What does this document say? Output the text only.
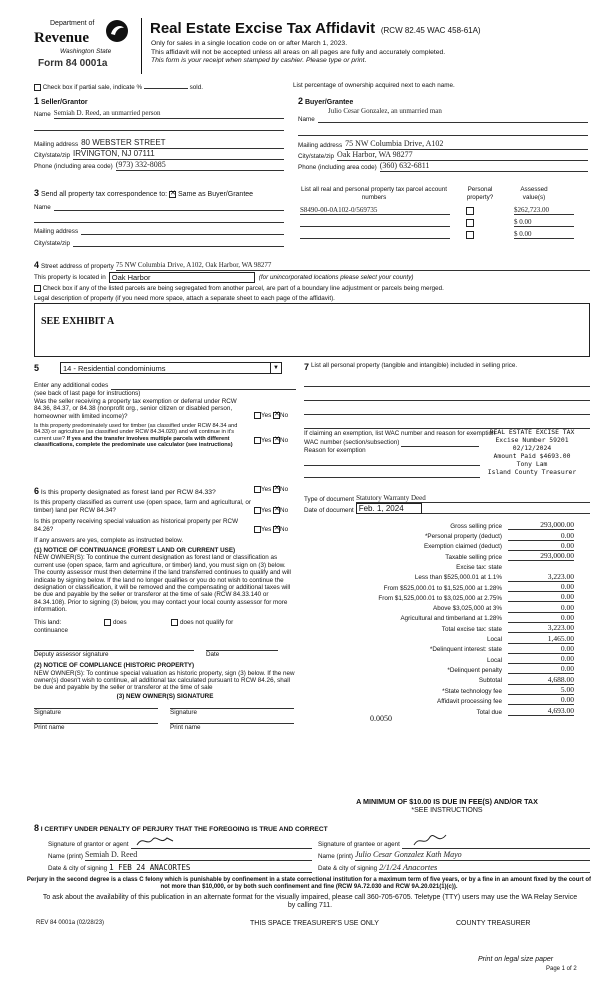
Department of
Revenue
Washington State
Form 84 0001a
Real Estate Excise Tax Affidavit (RCW 82.45 WAC 458-61A)
Only for sales in a single location code on or after March 1, 2023.
This affidavit will not be accepted unless all areas on all pages are fully and accurately completed.
This form is your receipt when stamped by cashier. Please type or print.
Check box if partial sale, indicate %	sold.	List percentage of ownership acquired next to each name.
1 Seller/Grantor
Name Semiah D. Reed, an unmarried person
Mailing address 80 WEBSTER STREET
City/state/zip IRVINGTON, NJ 07111
Phone (including area code) (973) 332-8085
2 Buyer/Grantee
Julio Cesar Gonzalez, an unmarried man
Name
Mailing address 75 NW Columbia Drive, A102
City/state/zip Oak Harbor, WA 98277
Phone (including area code) (360) 632-6811
3 Send all property tax correspondence to: ✕ Same as Buyer/Grantee
Name
Mailing address
City/state/zip
List all real and personal property tax parcel account numbers
Personal property?
Assessed value(s)
S8490-00-0A102-0/569735	$262,723.00
$ 0.00
$ 0.00
4 Street address of property 75 NW Columbia Drive, A102, Oak Harbor, WA 98277
This property is located in Oak Harbor	(for unincorporated locations please select your county)
Check box if any of the listed parcels are being segregated from another parcel, are part of a boundary line adjustment or parcels being merged.
Legal description of property (if you need more space, attach a separate sheet to each page of the affidavit).
SEE EXHIBIT A
5	14 - Residential condominiums	▼
Enter any additional codes
(see back of last page for instructions)
Was the seller receiving a property tax exemption or deferral under RCW 84.36, 84.37, or 84.38 (nonprofit org., senior citizen or disabled person, homeowner with limited income)?	Yes ✕ No
Is this property predominately used for timber (as classified under RCW 84.34 and 84.33) or agriculture (as classified under RCW 84.34.020) and will continue in it's current use? If yes and the transfer involves multiple parcels with different classifications, complete the predominate use calculator (see instructions)
Yes ✕ No
6 Is this property designated as forest land per RCW 84.33?	Yes ✕ No
Is this property classified as current use (open space, farm and agricultural, or timber) land per RCW 84.34?	Yes ✕ No
Is this property receiving special valuation as historical property per RCW 84.26?	Yes ✕ No
If any answers are yes, complete as instructed below.
(1) NOTICE OF CONTINUANCE (FOREST LAND OR CURRENT USE)
NEW OWNER(S): To continue the current designation as forest land or classification as current use (open space, farm and agriculture, or timber) land, you must sign on (3) below. The county assessor must then determine if the land transferred continues to qualify and will indicate by signing below. If the land no longer qualifies or you do not wish to continue the designation or classification, it will be removed and the compensating or additional taxes will be due and payable by the seller or transferor at the time of sale (RCW 84.33.140 or 84.34.108). Prior to signing (3) below, you may contact your local county assessor for more information.
This land:	does	does not qualify for
continuance
Deputy assessor signature	Date
(2) NOTICE OF COMPLIANCE (HISTORIC PROPERTY)
NEW OWNER(S): To continue special valuation as historic property, sign (3) below. If the new owner(s) doesn't wish to continue, all additional tax calculated pursuant to RCW 84.26, shall be due and payable by the seller or transferor at the time of sale
(3) NEW OWNER(S) SIGNATURE
Signature	Signature
Print name	Print name
7 List all personal property (tangible and intangible) included in selling price.
If claiming an exemption, list WAC number and reason for exemption
WAC number (section/subsection)
Reason for exemption
REAL ESTATE EXCISE TAX
Excise Number 59201
02/12/2024
Amount Paid $4693.00
Tony Lam
Island County Treasurer
Type of document Statutory Warranty Deed
Date of document Feb. 1, 2024
Gross selling price	293,000.00
*Personal property (deduct)	0.00
Exemption claimed (deduct)	0.00
Taxable selling price	293,000.00
Excise tax: state
Less than $525,000.01 at 1.1%	3,223.00
From $525,000.01 to $1,525,000 at 1.28%	0.00
From $1,525,000.01 to $3,025,000 at 2.75%	0.00
Above $3,025,000 at 3%	0.00
Agricultural and timberland at 1.28%	0.00
Total excise tax: state	3,223.00
Local	1,465.00
*Delinquent interest: state	0.00
Local	0.00
*Delinquent penalty	0.00
Subtotal	4,688.00
*State technology fee	5.00
Affidavit processing fee	0.00
Total due	4,693.00
0.0050
A MINIMUM OF $10.00 IS DUE IN FEE(S) AND/OR TAX
*SEE INSTRUCTIONS
8 I CERTIFY UNDER PENALTY OF PERJURY THAT THE FOREGOING IS TRUE AND CORRECT
Signature of grantor or agent
Name (print) Semiah D. Reed
Date & city of signing 1 FEB 24 ANACORTES
Signature of grantee or agent
Name (print) Julio Cesar Gonzalez Kath Mayo
Date & city of signing 2/1/24 Anacortes
Perjury in the second degree is a class C felony which is punishable by confinement in a state correctional institution for a maximum term of five years, or by a fine in an amount fixed by the court of not more than $10,000, or by both such confinement and fine (RCW 9A.72.030 and RCW 9A.20.021(1)(c)).
To ask about the availability of this publication in an alternate format for the visually impaired, please call 360-705-6705. Teletype (TTY) users may use the WA Relay Service by calling 711.
REV 84 0001a (02/28/23)	THIS SPACE TREASURER'S USE ONLY	COUNTY TREASURER
Print on legal size paper
Page 1 of 2
